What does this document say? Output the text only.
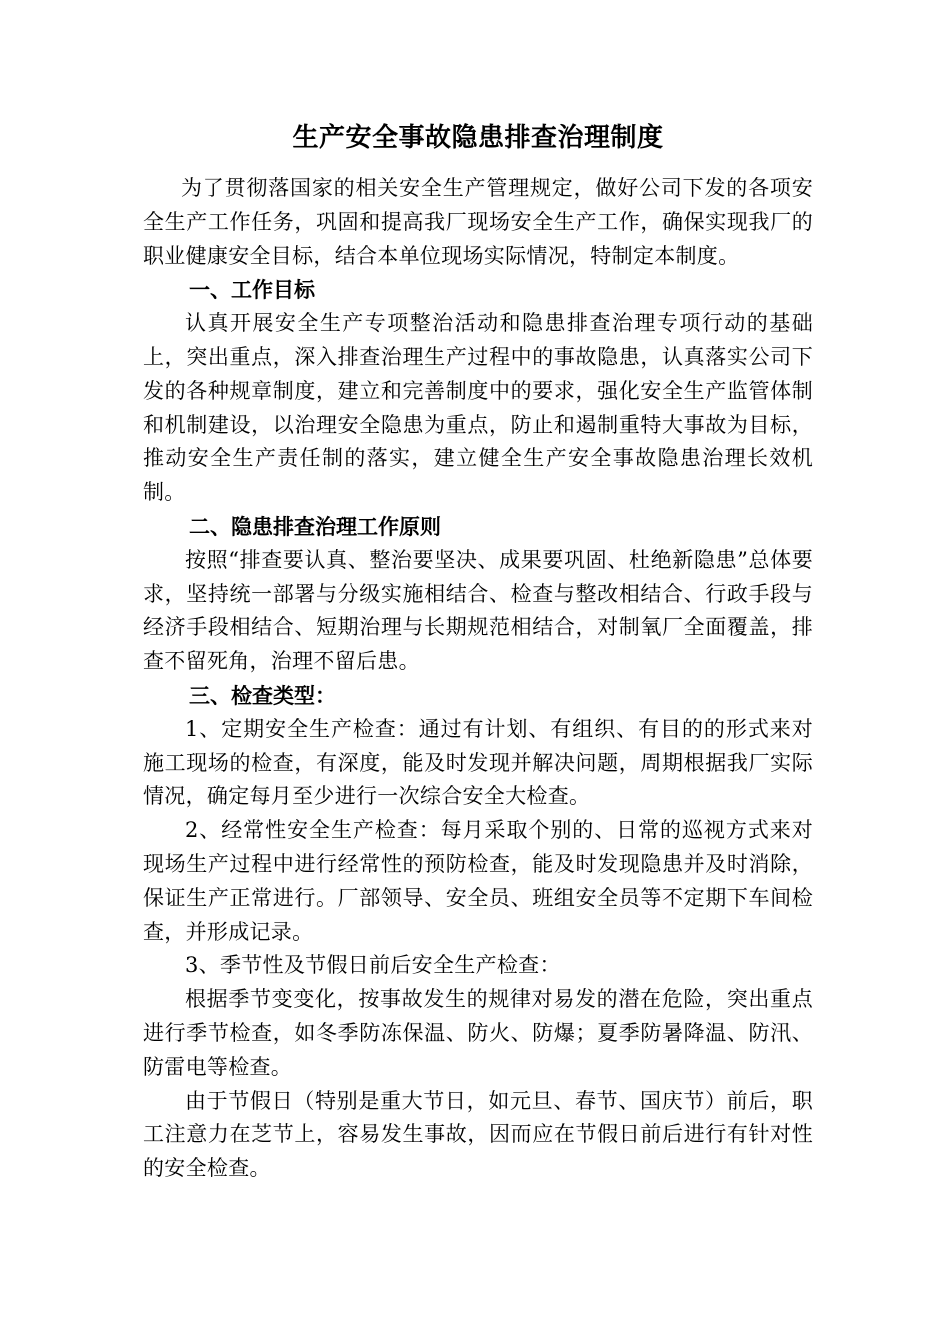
生产安全事故隐患排查治理制度

为了贯彻落国家的相关安全生产管理规定，做好公司下发的各项安全生产工作任务，巩固和提高我厂现场安全生产工作，确保实现我厂的职业健康安全目标，结合本单位现场实际情况，特制定本制度。

一、工作目标

认真开展安全生产专项整治活动和隐患排查治理专项行动的基础上，突出重点，深入排查治理生产过程中的事故隐患，认真落实公司下发的各种规章制度，建立和完善制度中的要求，强化安全生产监管体制和机制建设，以治理安全隐患为重点，防止和遏制重特大事故为目标，推动安全生产责任制的落实，建立健全生产安全事故隐患治理长效机制。

二、隐患排查治理工作原则

按照“排查要认真、整治要坚决、成果要巩固、杜绝新隐患”总体要求，坚持统一部署与分级实施相结合、检查与整改相结合、行政手段与经济手段相结合、短期治理与长期规范相结合，对制氧厂全面覆盖，排查不留死角，治理不留后患。

三、检查类型：

1、定期安全生产检查：通过有计划、有组织、有目的的形式来对施工现场的检查，有深度，能及时发现并解决问题，周期根据我厂实际情况，确定每月至少进行一次综合安全大检查。

2、经常性安全生产检查：每月采取个别的、日常的巡视方式来对现场生产过程中进行经常性的预防检查，能及时发现隐患并及时消除，保证生产正常进行。厂部领导、安全员、班组安全员等不定期下车间检查，并形成记录。

3、季节性及节假日前后安全生产检查：

根据季节变变化，按事故发生的规律对易发的潜在危险，突出重点进行季节检查，如冬季防冻保温、防火、防爆；夏季防暑降温、防汛、防雷电等检查。

由于节假日（特别是重大节日，如元旦、春节、国庆节）前后，职工注意力在芝节上，容易发生事故，因而应在节假日前后进行有针对性的安全检查。
